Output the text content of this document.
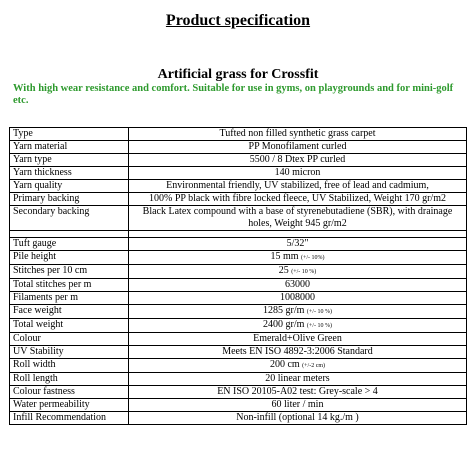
Product specification
Artificial grass for Crossfit
With high wear resistance and comfort. Suitable for use in gyms, on playgrounds and for mini-golf etc.
Type	Tufted non filled synthetic grass carpet
Yarn material	PP Monofilament curled
Yarn type	5500 / 8 Dtex PP curled
Yarn thickness	140 micron
Yarn quality	Environmental friendly, UV stabilized, free of lead and cadmium,
Primary backing	100% PP black with fibre locked fleece, UV Stabilized, Weight 170 gr/m2
Secondary backing	Black Latex compound with a base of styrenebutadiene (SBR), with drainage holes, Weight 945 gr/m2

Tuft gauge	5/32"
Pile height	15 mm (+/- 10%)
Stitches per 10 cm	25 (+/- 10 %)
Total stitches per m	63000
Filaments per m	1008000
Face weight	1285 gr/m (+/- 10 %)
Total weight	2400 gr/m (+/- 10 %)
Colour	Emerald+Olive Green
UV Stability	Meets EN ISO 4892-3:2006 Standard
Roll width	200 cm (+/-2 cm)
Roll length	20 linear meters
Colour fastness	EN ISO 20105-A02 test: Grey-scale > 4
Water permeability	60 liter / min
Infill Recommendation	Non-infill (optional 14 kg./m )
